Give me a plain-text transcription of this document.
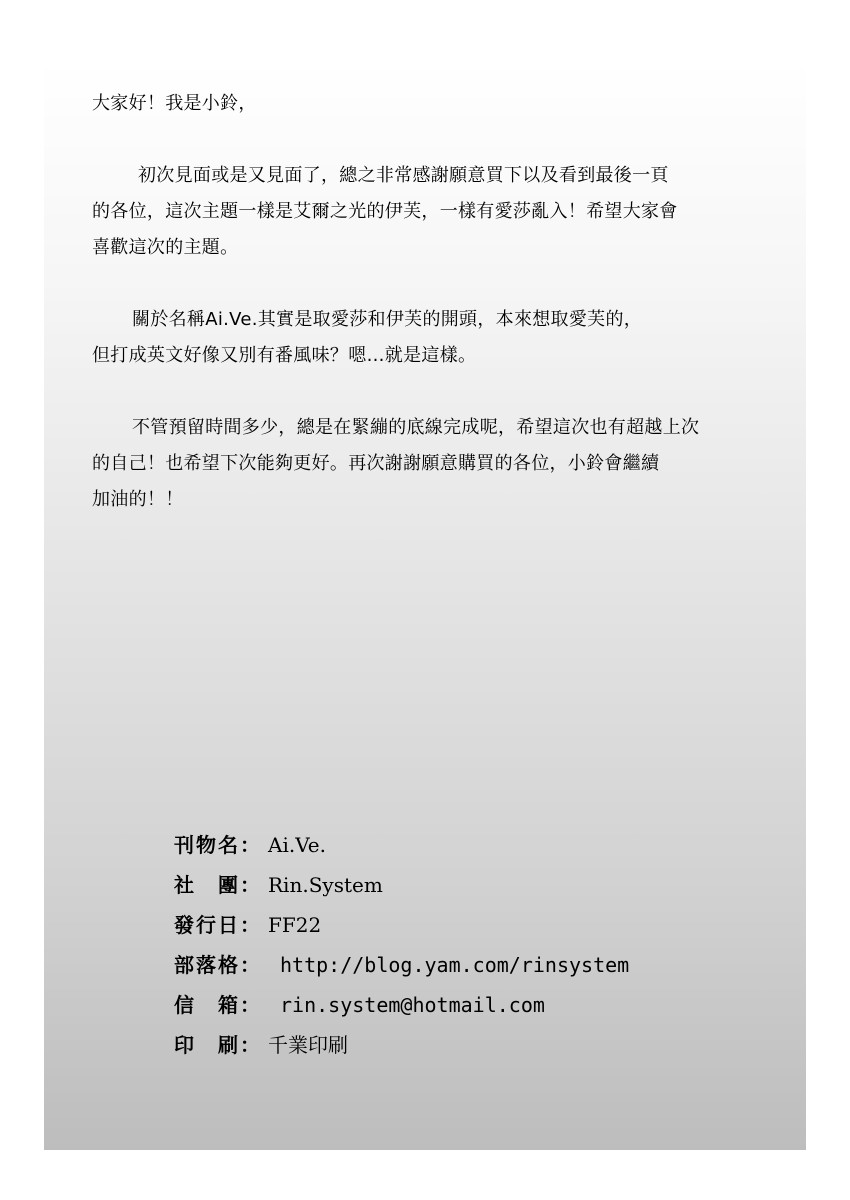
大家好！我是小鈴，

初次見面或是又見面了，總之非常感謝願意買下以及看到最後一頁
的各位，這次主題一樣是艾爾之光的伊芙，一樣有愛莎亂入！希望大家會
喜歡這次的主題。

關於名稱Ai.Ve.其實是取愛莎和伊芙的開頭，本來想取愛芙的，
但打成英文好像又別有番風味？嗯…就是這樣。

不管預留時間多少，總是在緊繃的底線完成呢，希望這次也有超越上次
的自己！也希望下次能夠更好。再次謝謝願意購買的各位，小鈴會繼續
加油的！！

刊物名： Ai.Ve.
社　團： Rin.System
發行日： FF22
部落格： http://blog.yam.com/rinsystem
信　箱： rin.system@hotmail.com
印　刷： 千業印刷
